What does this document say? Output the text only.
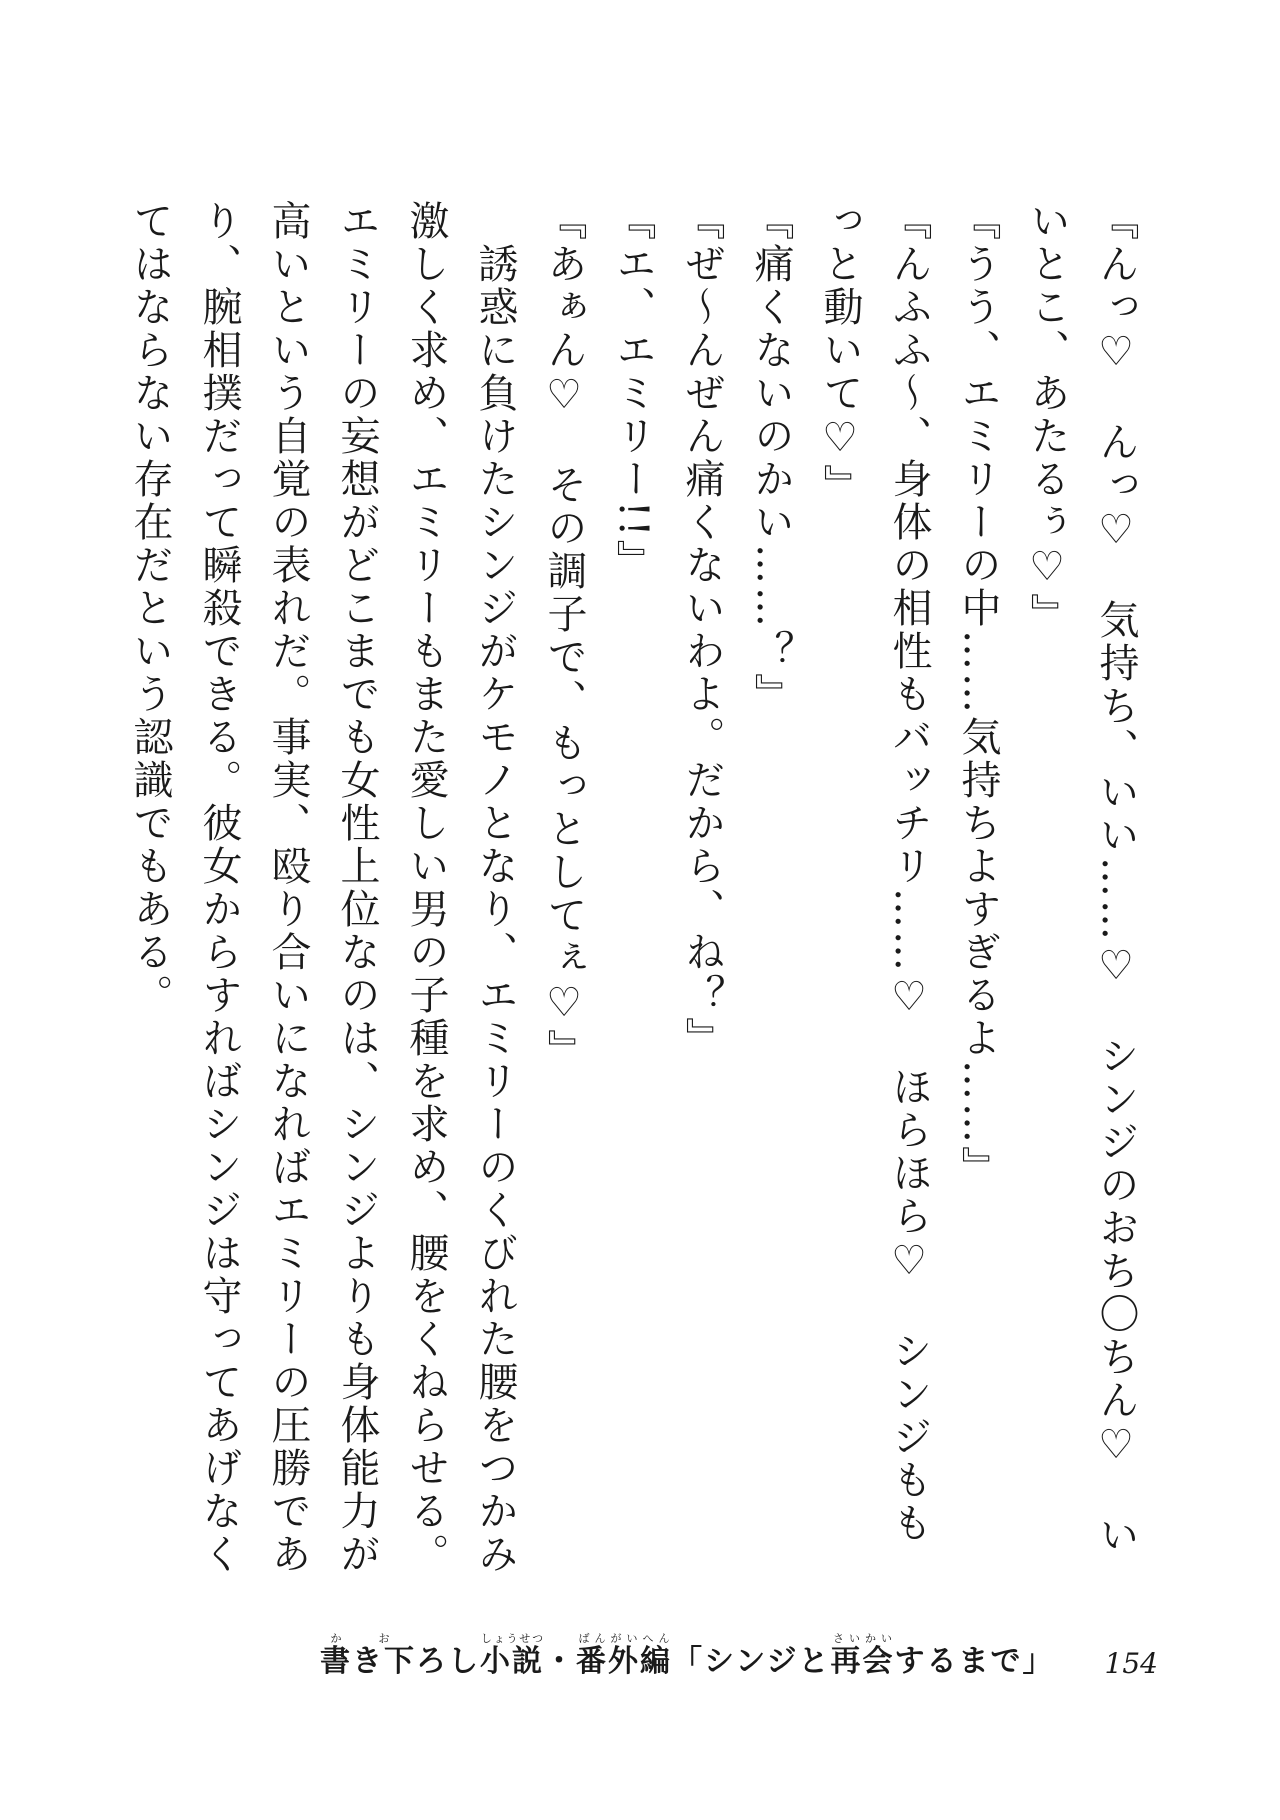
『んっ♡　んっ♡　気持ち、いい……♡　シンジのおち〇ちん♡　いいとこ、あたるぅ♡』

『うう、エミリーの中……気持ちよすぎるよ……』

『んふふ～、身体の相性もバッチリ……♡　ほらほら♡　シンジももっと動いて♡』

『痛くないのかい……？』

『ぜ～んぜん痛くないわよ。だから、ね？』

『エ、エミリー!!』

『あぁん♡　その調子で、もっとしてぇ♡』

　誘惑に負けたシンジがケモノとなり、エミリーのくびれた腰をつかみ激しく求め、エミリーもまた愛しい男の子種を求め、腰をくねらせる。エミリーの妄想がどこまでも女性上位なのは、シンジよりも身体能力が高いという自覚の表れだ。事実、殴り合いになればエミリーの圧勝であり、腕相撲だって瞬殺できる。彼女からすればシンジは守ってあげなくてはならない存在だという認識でもある。

書かき下おろし小説しょうせつ・番外編ばんがいへん「シンジと再会さいかいするまで」 154
